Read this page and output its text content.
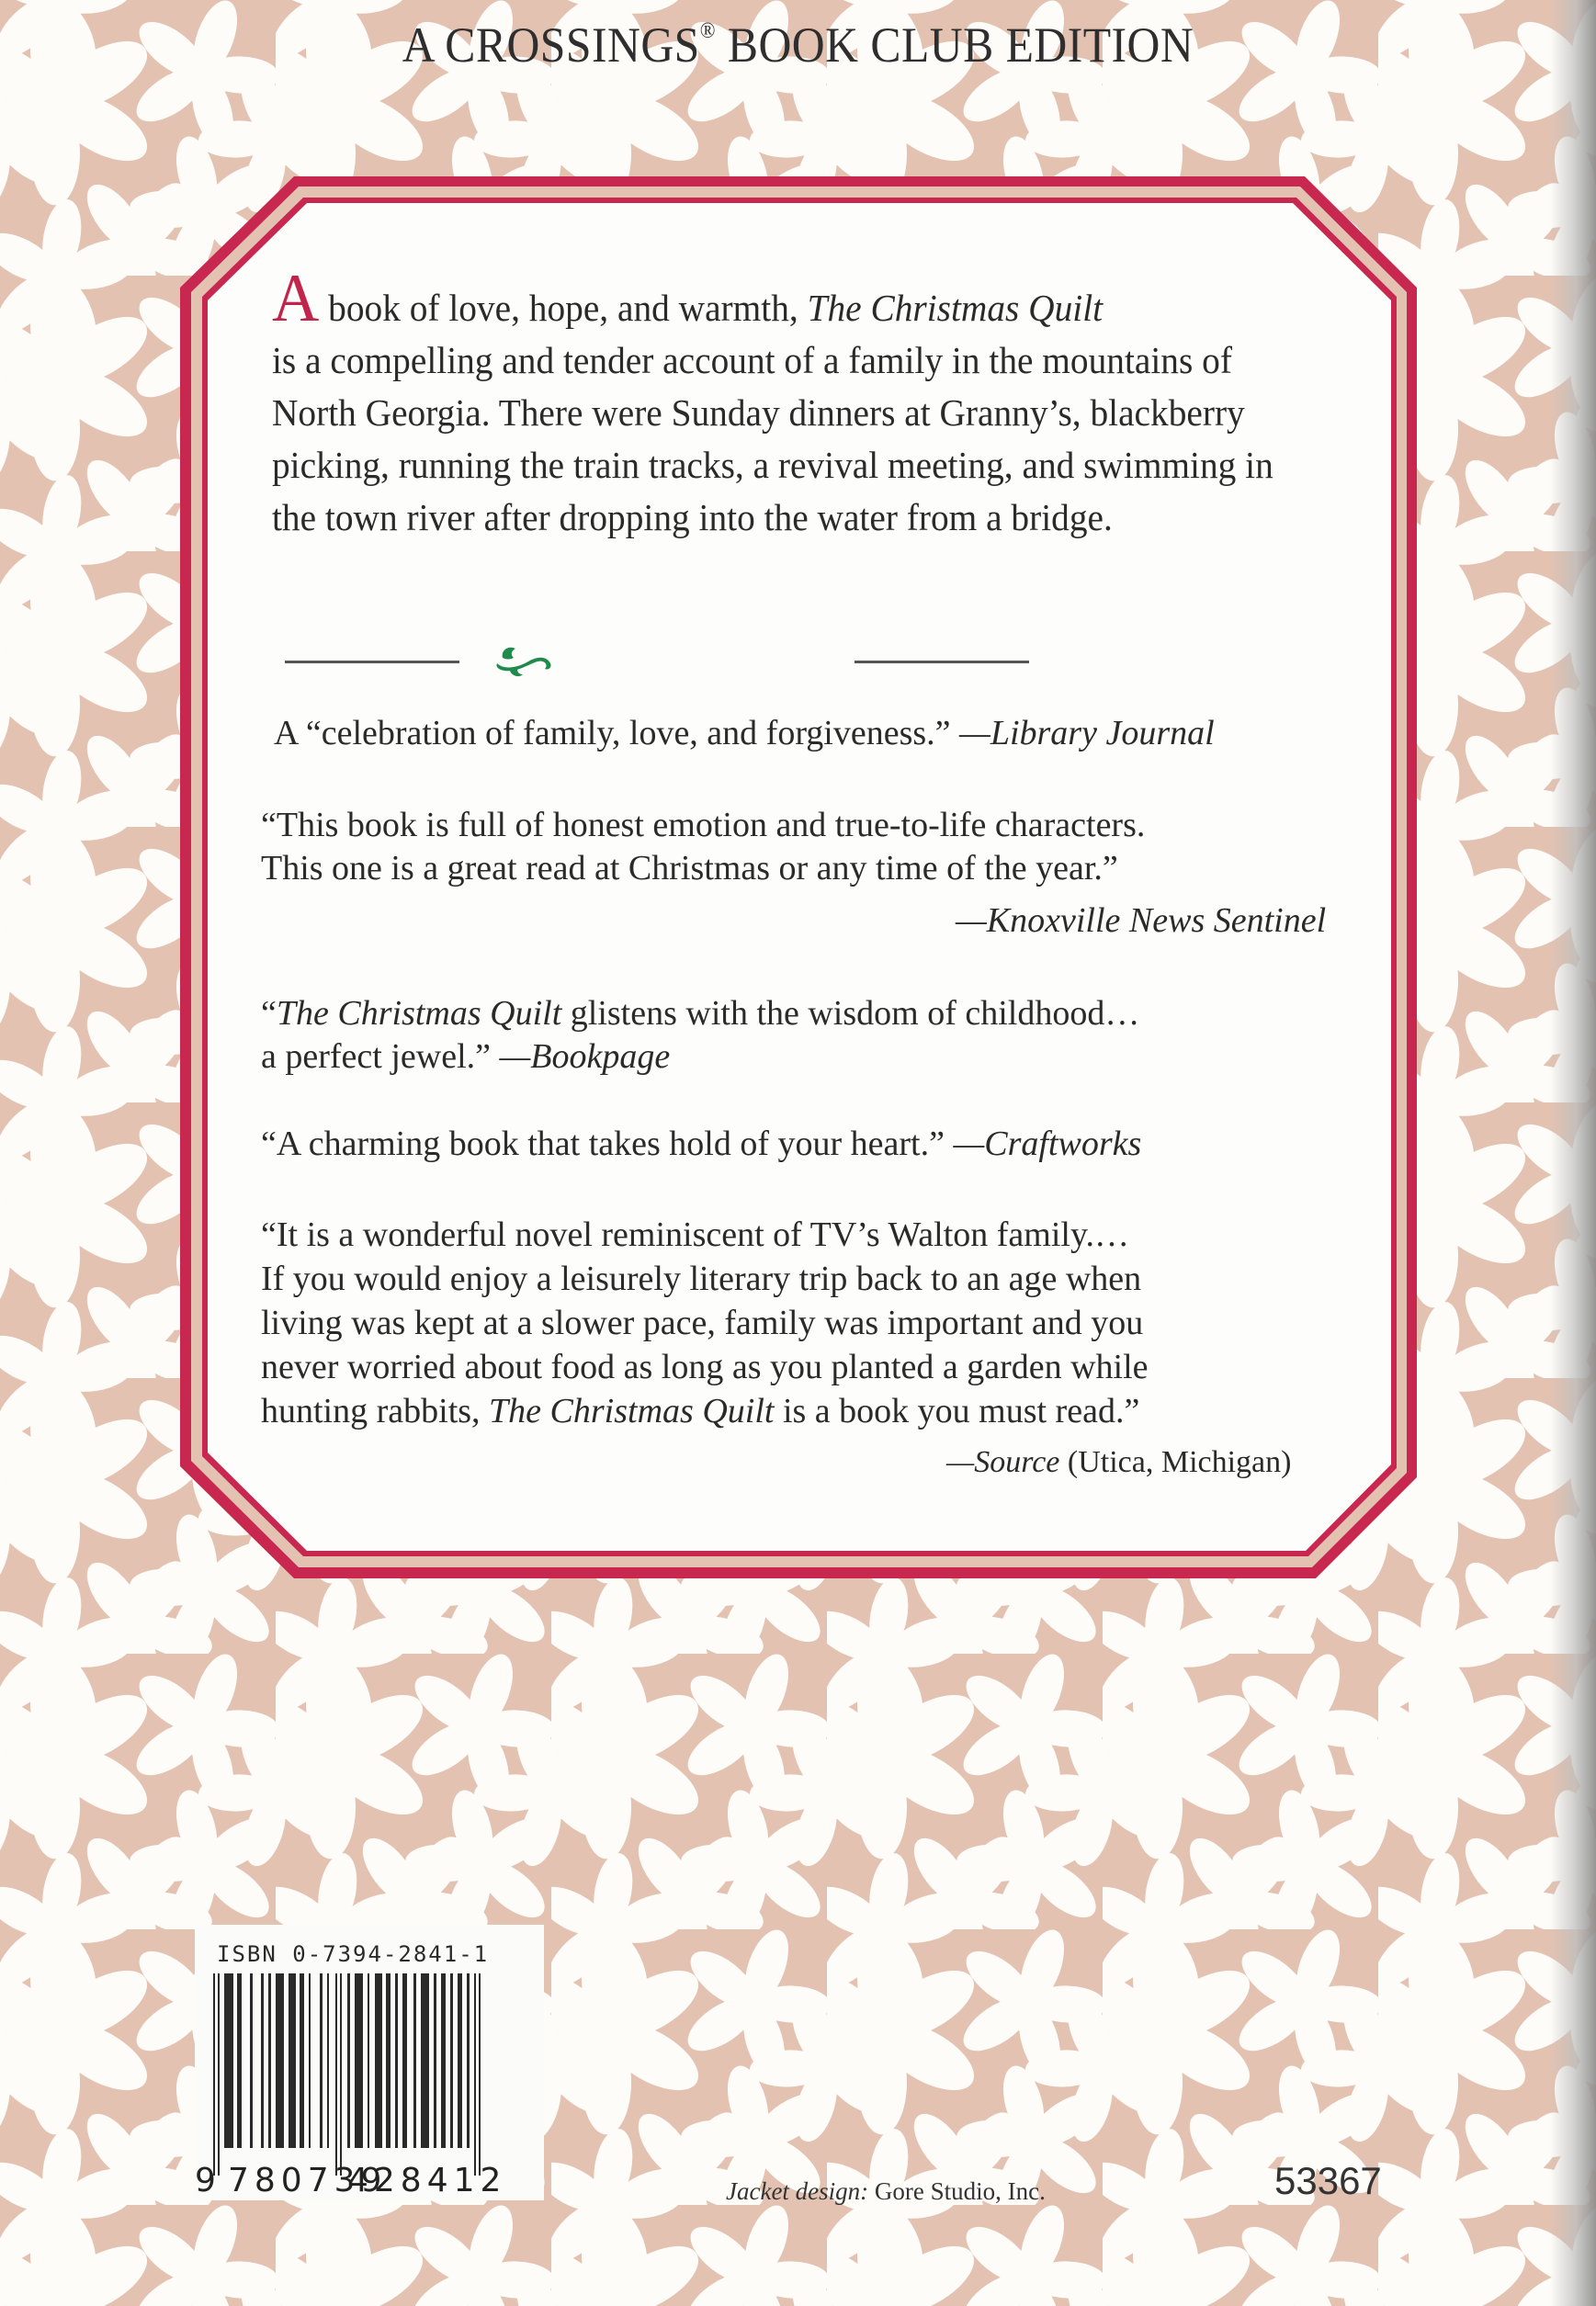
A CROSSINGS® BOOK CLUB EDITION

A book of love, hope, and warmth, The Christmas Quilt
is a compelling and tender account of a family in the mountains of North Georgia. There were Sunday dinners at Granny’s, blackberry picking, running the train tracks, a revival meeting, and swimming in the town river after dropping into the water from a bridge.

A “celebration of family, love, and forgiveness.” —Library Journal

“This book is full of honest emotion and true-to-life characters.
This one is a great read at Christmas or any time of the year.”

—Knoxville News Sentinel

“The Christmas Quilt glistens with the wisdom of childhood…
a perfect jewel.” —Bookpage

“A charming book that takes hold of your heart.” —Craftworks

“It is a wonderful novel reminiscent of TV’s Walton family.…
If you would enjoy a leisurely literary trip back to an age when
living was kept at a slower pace, family was important and you
never worried about food as long as you planted a garden while
hunting rabbits, The Christmas Quilt is a book you must read.”

—Source (Utica, Michigan)
ISBN 0-7394-2841-1
9 780739
428412	Jacket design: Gore Studio, Inc.	53367
